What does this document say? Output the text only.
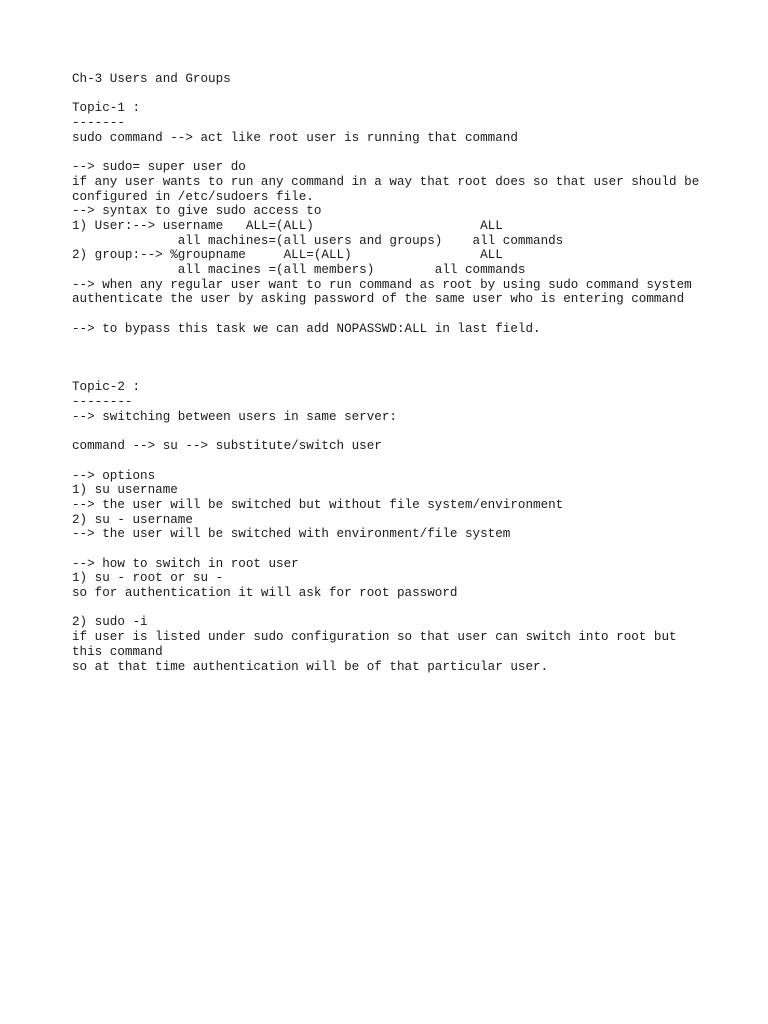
Ch-3 Users and Groups
Topic-1 :
-------
sudo command --> act like root user is running that command
--> sudo= super user do
if any user wants to run any command in a way that root does so that user should be
configured in /etc/sudoers file.
--> syntax to give sudo access to
1) User:--> username   ALL=(ALL)                      ALL
all machines=(all users and groups)    all commands
2) group:--> %groupname     ALL=(ALL)                 ALL
all macines =(all members)        all commands
--> when any regular user want to run command as root by using sudo command system
authenticate the user by asking password of the same user who is entering command
--> to bypass this task we can add NOPASSWD:ALL in last field.
Topic-2 :
--------
--> switching between users in same server:
command --> su --> substitute/switch user
--> options
1) su username
--> the user will be switched but without file system/environment
2) su - username
--> the user will be switched with environment/file system
--> how to switch in root user
1) su - root or su -
so for authentication it will ask for root password
2) sudo -i
if user is listed under sudo configuration so that user can switch into root but
this command
so at that time authentication will be of that particular user.
